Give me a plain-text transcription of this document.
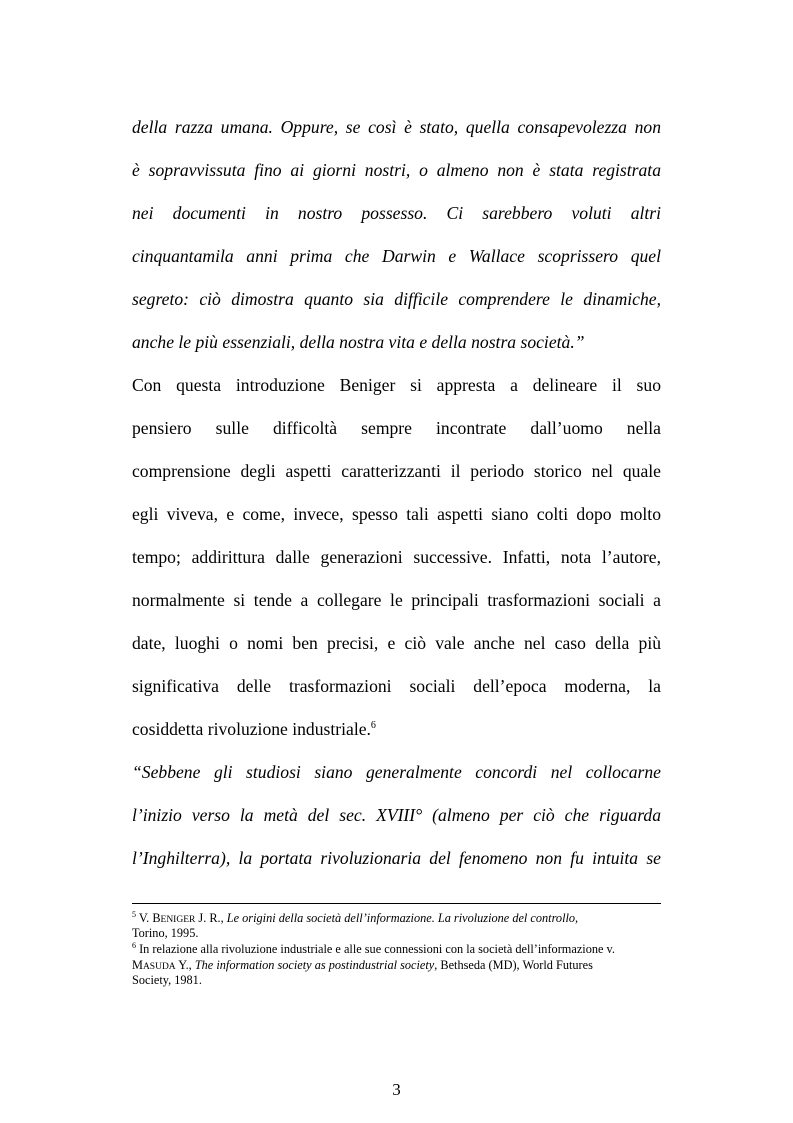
della razza umana. Oppure, se così è stato, quella consapevolezza non
è sopravvissuta fino ai giorni nostri, o almeno non è stata registrata
nei documenti in nostro possesso. Ci sarebbero voluti altri
cinquantamila anni prima che Darwin e Wallace scoprissero quel
segreto: ciò dimostra quanto sia difficile comprendere le dinamiche,
anche le più essenziali, della nostra vita e della nostra società.”
Con questa introduzione Beniger si appresta a delineare il suo
pensiero sulle difficoltà sempre incontrate dall’uomo nella
comprensione degli aspetti caratterizzanti il periodo storico nel quale
egli viveva, e come, invece, spesso tali aspetti siano colti dopo molto
tempo; addirittura dalle generazioni successive. Infatti, nota l’autore,
normalmente si tende a collegare le principali trasformazioni sociali a
date, luoghi o nomi ben precisi, e ciò vale anche nel caso della più
significativa delle trasformazioni sociali dell’epoca moderna, la
cosiddetta rivoluzione industriale.$^6$
“Sebbene gli studiosi siano generalmente concordi nel collocarne
l’inizio verso la metà del sec. XVIII° (almeno per ciò che riguarda
l’Inghilterra), la portata rivoluzionaria del fenomeno non fu intuita se
$^5$ V. BENIGER J. R., Le origini della società dell’informazione. La rivoluzione del controllo,
Torino, 1995.
$^6$ In relazione alla rivoluzione industriale e alle sue connessioni con la società dell’informazione v.
MASUDA Y., The information society as postindustrial society, Bethseda (MD), World Futures
Society, 1981.
3
